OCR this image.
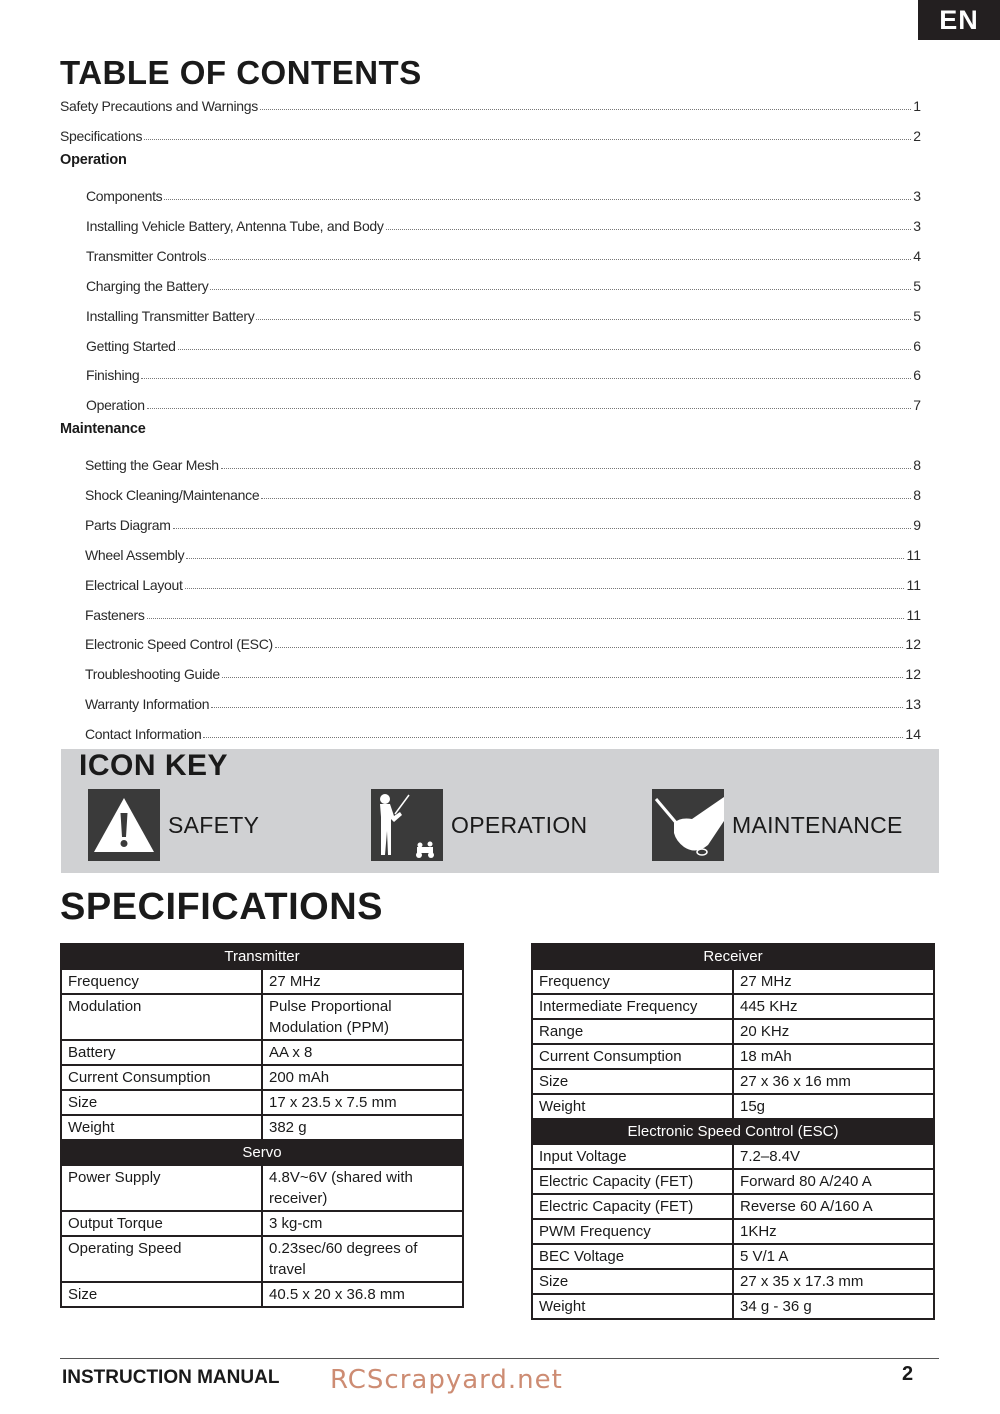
EN
TABLE OF CONTENTS
Safety Precautions and Warnings	1
Specifications	2
Operation
Components	3
Installing Vehicle Battery, Antenna Tube, and Body	3
Transmitter Controls	4
Charging the Battery	5
Installing Transmitter Battery	5
Getting Started	6
Finishing	6
Operation	7
Maintenance
Setting the Gear Mesh	8
Shock Cleaning/Maintenance	8
Parts Diagram	9
Wheel Assembly	11
Electrical Layout	11
Fasteners	11
Electronic Speed Control (ESC)	12
Troubleshooting Guide	12
Warranty Information	13
Contact Information	14
ICON KEY
SAFETY	OPERATION	MAINTENANCE
SPECIFICATIONS
Transmitter	
Frequency	27 MHz
Modulation	Pulse Proportional Modulation (PPM)
Battery	AA x 8
Current Consumption	200 mAh
Size	17 x 23.5 x 7.5 mm
Weight	382 g
Servo	
Power Supply	4.8V~6V (shared with receiver)
Output Torque	3 kg-cm
Operating Speed	0.23sec/60 degrees of travel
Size	40.5 x 20 x 36.8 mm
Receiver	
Frequency	27 MHz
Intermediate Frequency	445 KHz
Range	20 KHz
Current Consumption	18 mAh
Size	27 x 36 x 16 mm
Weight	15g
Electronic Speed Control (ESC)	
Input Voltage	7.2–8.4V
Electric Capacity (FET)	Forward 80 A/240 A
Electric Capacity (FET)	Reverse 60 A/160 A
PWM Frequency	1KHz
BEC Voltage	5 V/1 A
Size	27 x 35 x 17.3 mm
Weight	34 g - 36 g
INSTRUCTION MANUAL RCScrapyard.net	2
